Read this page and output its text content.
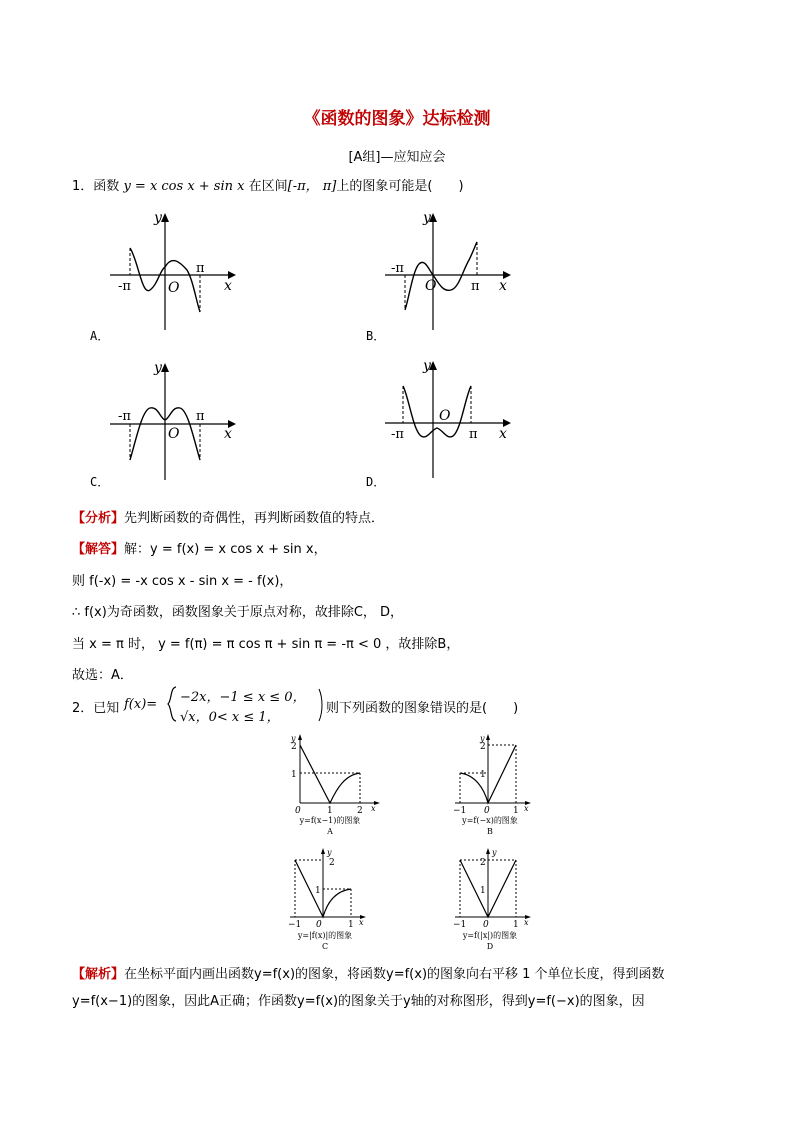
《函数的图象》达标检测
[A组]—应知应会
1．函数 y = x cos x + sin x 在区间[-π， π]上的图象可能是(　　)
y
x
O
-π
π
A．
y
x
O
-π
π
B．
y
x
O
-π	π
C．
y
x
O
-π	π
D．
【分析】先判断函数的奇偶性，再判断函数值的特点．
【解答】解：y = f(x) = x cos x + sin x，
则 f(-x) = -x cos x - sin x = - f(x)，
∴ f(x)为奇函数，函数图象关于原点对称，故排除C， D，
当 x = π 时， y = f(π) = π cos π + sin π = -π < 0 ，故排除B，
故选：A．
2．已知 f(x)= −2x，−1 ≤ x ≤ 0，
√x，0< x ≤ 1，
则下列函数的图象错误的是(　　)
y
2
1
0	1	2 x
y=f(x−1)的图象
A
y
2
1
−1 0	1 x
y=f(−x)的图象
B
y
2
1
−1 0	1 x
y=|f(x)|的图象
C
y
2
1
−1 0	1 x
y=f(|x|)的图象
D
【解析】在坐标平面内画出函数y=f(x)的图象，将函数y=f(x)的图象向右平移 1 个单位长度，得到函数
y=f(x−1)的图象，因此A正确；作函数y=f(x)的图象关于y轴的对称图形，得到y=f(−x)的图象，因
